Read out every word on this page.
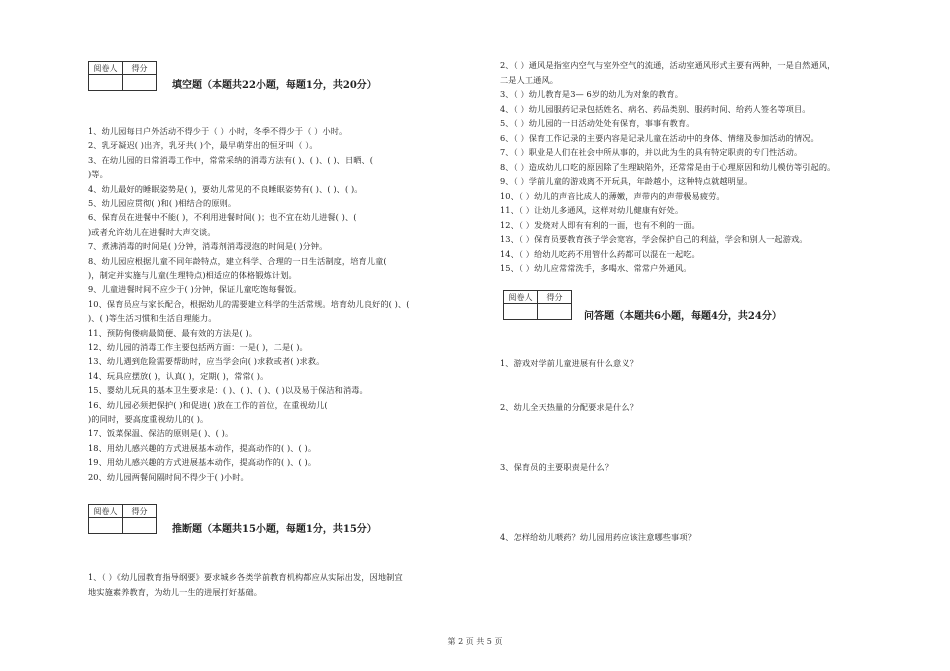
阅卷人	得分

填空题（本题共22小题，每题1分，共20分）
1、幼儿园每日户外活动不得少于（ ）小时，冬季不得少于（ ）小时。
2、乳牙凝迟( )出齐，乳牙共( )个，最早萌芽出的恒牙叫（ ）。
3、在幼儿园的日常消毒工作中，常常采纳的消毒方法有( )、( )、( )、日晒、(
)等。
4、幼儿最好的睡眠姿势是( )，要幼儿常见的不良睡眠姿势有( )、( )、( )。
5、幼儿园应贯彻( )和( )相结合的原则。
6、保育员在进餐中不能( )，不利用进餐时间( )；也不宜在幼儿进餐( )、(
)或者允许幼儿在进餐时大声交谈。
7、煮沸消毒的时间是( )分钟，消毒剂消毒浸泡的时间是( )分钟。
8、幼儿园应根据儿童不同年龄特点，建立科学、合理的一日生活制度，培育儿童(
)，制定并实施与儿童(生理特点)相适应的体格锻炼计划。
9、儿童进餐时间不应少于( )分钟，保证儿童吃饱每餐饭。
10、保育员应与家长配合，根据幼儿的需要建立科学的生活常规。培育幼儿良好的( )、(
)、( )等生活习惯和生活自理能力。
11、预防佝偻病最简便、最有效的方法是( )。
12、幼儿园的消毒工作主要包括两方面：一是( )，二是( )。
13、幼儿遇到危险需要帮助时，应当学会向( )求救或者( )求救。
14、玩具应摆放( )，认真( )，定期( )，常常( )。
15、婴幼儿玩具的基本卫生要求是：( )、( )、( )、( )以及易于保洁和消毒。
16、幼儿园必须把保护( )和促进( )放在工作的首位，在重视幼儿(
)的同时，要高度重视幼儿的( )。
17、饭菜保温、保洁的原则是( )、( )。
18、用幼儿感兴趣的方式进展基本动作，提高动作的( )、( )。
19、用幼儿感兴趣的方式进展基本动作，提高动作的( )、( )。
20、幼儿园两餐间隔时间不得少于( )小时。
阅卷人	得分

推断题（本题共15小题，每题1分，共15分）
1、（ ）《幼儿园教育指导纲要》要求城乡各类学前教育机构都应从实际出发，因地制宜
地实施素养教育，为幼儿一生的进展打好基础。
2、（ ）通风是指室内空气与室外空气的流通，活动室通风形式主要有两种，一是自然通风，
二是人工通风。
3、（ ）幼儿教育是3— 6岁的幼儿为对象的教育。
4、（ ）幼儿园服药记录包括姓名、病名、药品类别、服药时间、给药人签名等项目。
5、（ ）幼儿园的一日活动处处有保育，事事有教育。
6、（ ）保育工作记录的主要内容是记录儿童在活动中的身体、情绪及参加活动的情况。
7、（ ）职业是人们在社会中所从事的，并以此为生的具有特定职责的专门性活动。
8、（ ）造成幼儿口吃的原因除了生理缺陷外，还常常是由于心理原因和幼儿模仿等引起的。
9、（ ）学前儿童的游戏离不开玩具，年龄越小，这种特点就越明显。
10、（ ）幼儿的声音比成人的薄嫩，声带内的声带极易疲劳。
11、（ ）让幼儿多通风，这样对幼儿健康有好处。
12、（ ）发烧对人即有有利的一面，也有不利的一面。
13、（ ）保育员要教育孩子学会宽容，学会保护自己的利益，学会和别人一起游戏。
14、（ ）给幼儿吃药不用管什么药都可以混在一起吃。
15、（ ）幼儿应常常洗手，多喝水、常常户外通风。
阅卷人	得分

问答题（本题共6小题，每题4分，共24分）
1、游戏对学前儿童进展有什么意义？
2、幼儿全天热量的分配要求是什么？
3、保育员的主要职责是什么？
4、怎样给幼儿喂药？幼儿园用药应该注意哪些事项？
第 2 页 共 5 页
